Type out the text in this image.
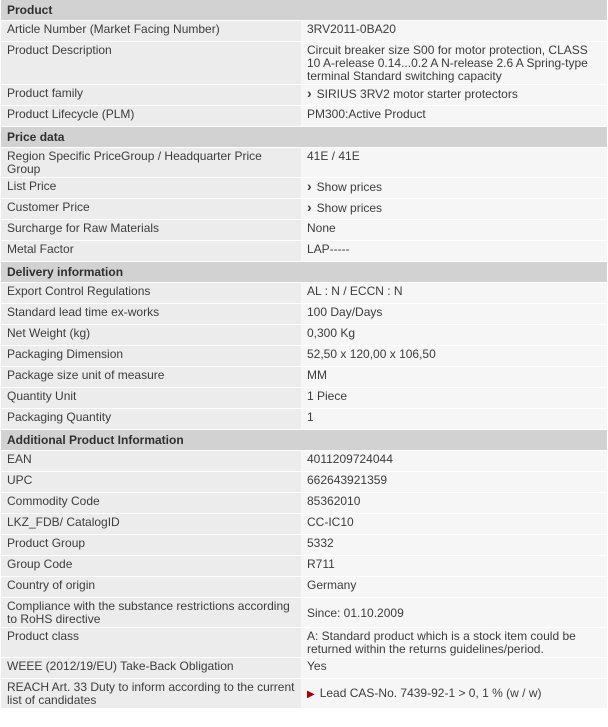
Product	
Article Number (Market Facing Number)	3RV2011-0BA20
Product Description	Circuit breaker size S00 for motor protection, CLASS 10 A-release 0.14...0.2 A N-release 2.6 A Spring-type terminal Standard switching capacity
Product family	› SIRIUS 3RV2 motor starter protectors
Product Lifecycle (PLM)	PM300:Active Product
Price data	
Region Specific PriceGroup / Headquarter Price Group	41E / 41E
List Price	› Show prices
Customer Price	› Show prices
Surcharge for Raw Materials	None
Metal Factor	LAP-----
Delivery information	
Export Control Regulations	AL : N / ECCN : N
Standard lead time ex-works	100 Day/Days
Net Weight (kg)	0,300 Kg
Packaging Dimension	52,50 x 120,00 x 106,50
Package size unit of measure	MM
Quantity Unit	1 Piece
Packaging Quantity	1
Additional Product Information	
EAN	4011209724044
UPC	662643921359
Commodity Code	85362010
LKZ_FDB/ CatalogID	CC-IC10
Product Group	5332
Group Code	R711
Country of origin	Germany
Compliance with the substance restrictions according to RoHS directive	Since: 01.10.2009
Product class	A: Standard product which is a stock item could be returned within the returns guidelines/period.
WEEE (2012/19/EU) Take-Back Obligation	Yes
REACH Art. 33 Duty to inform according to the current list of candidates	▶ Lead CAS-No. 7439-92-1 > 0, 1 % (w / w)
